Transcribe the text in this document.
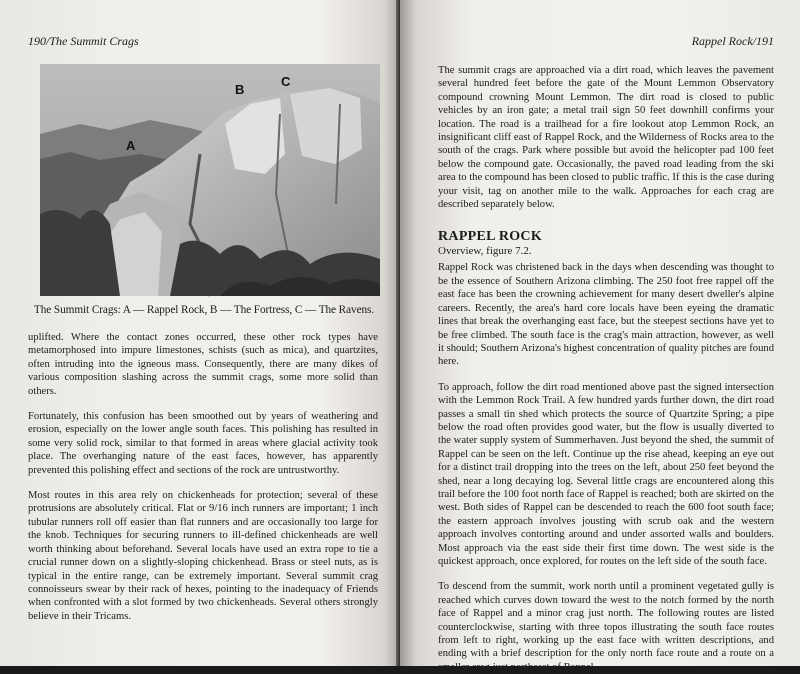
190/The Summit Crags
A
B
C
The Summit Crags: A — Rappel Rock, B — The Fortress, C — The Ravens.

uplifted. Where the contact zones occurred, these other rock types have metamorphosed into impure limestones, schists (such as mica), and quartzites, often intruding into the igneous mass. Consequently, there are many dikes of various composition slashing across the summit crags, some more solid than others.

Fortunately, this confusion has been smoothed out by years of weathering and erosion, especially on the lower angle south faces. This polishing has resulted in some very solid rock, similar to that formed in areas where glacial activity took place. The overhanging nature of the east faces, however, has apparently prevented this polishing effect and sections of the rock are untrustworthy.

Most routes in this area rely on chickenheads for protection; several of these protrusions are absolutely critical. Flat or 9/16 inch runners are important; 1 inch tubular runners roll off easier than flat runners and are occasionally too large for the knob. Techniques for securing runners to ill-defined chickenheads are well worth thinking about beforehand. Several locals have used an extra rope to tie a crucial runner down on a slightly-sloping chickenhead. Brass or steel nuts, as is typical in the entire range, can be extremely important. Several summit crag connoisseurs swear by their rack of hexes, pointing to the inadequacy of Friends when confronted with a slot formed by two chickenheads. Several others strongly believe in their Tricams.

Rappel Rock/191

The summit crags are approached via a dirt road, which leaves the pavement several hundred feet before the gate of the Mount Lemmon Observatory compound crowning Mount Lemmon. The dirt road is closed to public vehicles by an iron gate; a metal trail sign 50 feet downhill confirms your location. The road is a trailhead for a fire lookout atop Lemmon Rock, an insignificant cliff east of Rappel Rock, and the Wilderness of Rocks area to the south of the crags. Park where possible but avoid the helicopter pad 100 feet below the compound gate. Occasionally, the paved road leading from the ski area to the compound has been closed to public traffic. If this is the case during your visit, tag on another mile to the walk. Approaches for each crag are described separately below.

RAPPEL ROCK
Overview, figure 7.2.

Rappel Rock was christened back in the days when descending was thought to be the essence of Southern Arizona climbing. The 250 foot free rappel off the east face has been the crowning achievement for many desert dweller's alpine careers. Recently, the area's hard core locals have been eyeing the dramatic lines that break the overhanging east face, but the steepest sections have yet to be free climbed. The south face is the crag's main attraction, however, as well it should; Southern Arizona's highest concentration of quality pitches are found here.

To approach, follow the dirt road mentioned above past the signed intersection with the Lemmon Rock Trail. A few hundred yards further down, the dirt road passes a small tin shed which protects the source of Quartzite Spring; a pipe below the road often provides good water, but the flow is usually diverted to the water supply system of Summerhaven. Just beyond the shed, the summit of Rappel can be seen on the left. Continue up the rise ahead, keeping an eye out for a distinct trail dropping into the trees on the left, about 250 feet beyond the shed, near a long decaying log. Several little crags are encountered along this trail before the 100 foot north face of Rappel is reached; both are skirted on the west. Both sides of Rappel can be descended to reach the 600 foot south face; the eastern approach involves jousting with scrub oak and the western approach involves contorting around and under assorted walls and boulders. Most approach via the east side their first time down. The west side is the quickest approach, once explored, for routes on the left side of the south face.

To descend from the summit, work north until a prominent vegetated gully is reached which curves down toward the west to the notch formed by the north face of Rappel and a minor crag just north. The following routes are listed counterclockwise, starting with three topos illustrating the south face routes from left to right, working up the east face with written descriptions, and ending with a brief description for the only north face route and a route on a smaller crag just northeast of Rappel.
